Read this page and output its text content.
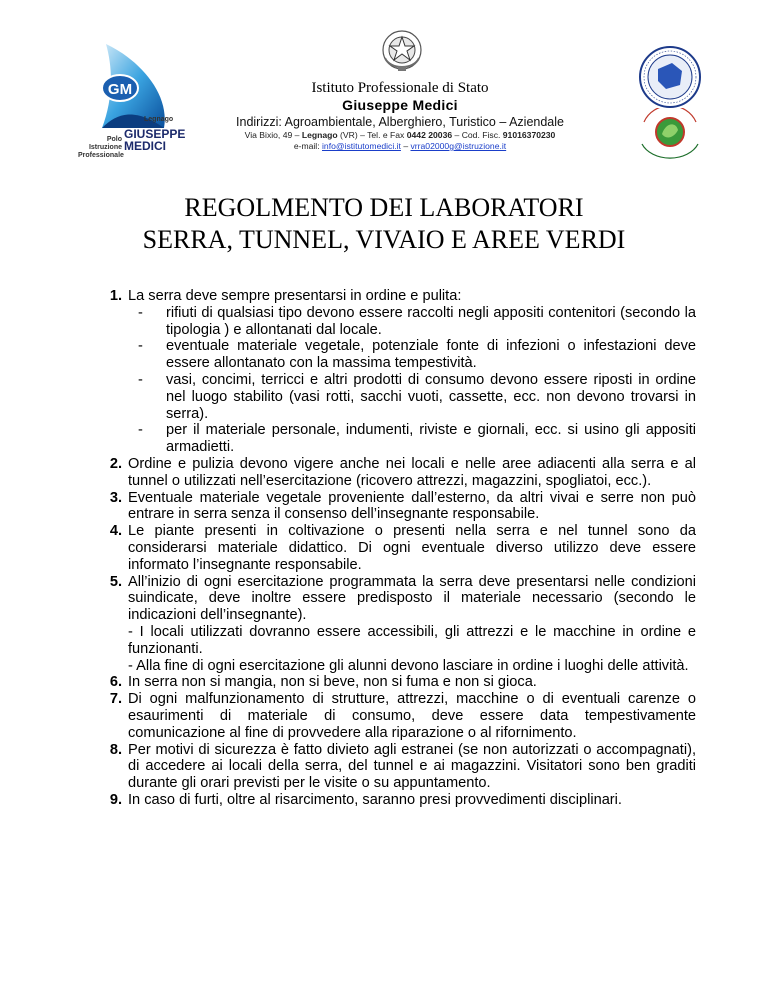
GM
Legnago
Polo
Istruzione
Professionale
GIUSEPPE
MEDICI
Istituto Professionale di Stato
Giuseppe Medici
Indirizzi: Agroambientale, Alberghiero, Turistico – Aziendale
Via Bixio, 49 – Legnago (VR) – Tel. e Fax 0442 20036 – Cod. Fisc. 91016370230
e-mail: info@istitutomedici.it – vrra02000g@istruzione.it
REGOLMENTO DEI LABORATORI
SERRA, TUNNEL, VIVAIO E AREE VERDI
1. La serra deve sempre presentarsi in ordine e pulita:
- rifiuti di qualsiasi tipo devono essere raccolti negli appositi contenitori (secondo la tipologia ) e allontanati dal locale.
- eventuale materiale vegetale, potenziale fonte di infezioni o infestazioni deve essere allontanato con la massima tempestività.
- vasi, concimi, terricci e altri prodotti di consumo devono essere riposti in ordine nel luogo stabilito (vasi rotti, sacchi vuoti, cassette, ecc. non devono trovarsi in serra).
- per il materiale personale, indumenti, riviste e giornali, ecc. si usino gli appositi armadietti.
2. Ordine e pulizia devono vigere anche nei locali e nelle aree adiacenti alla serra e al tunnel o utilizzati nell’esercitazione (ricovero attrezzi, magazzini, spogliatoi, ecc.).
3. Eventuale materiale vegetale proveniente dall’esterno, da altri vivai e serre non può entrare in serra senza il consenso dell’insegnante responsabile.
4. Le piante presenti in coltivazione o presenti nella serra e nel tunnel sono da considerarsi materiale didattico. Di ogni eventuale diverso utilizzo deve essere informato l’insegnante responsabile.
5. All’inizio di ogni esercitazione programmata la serra deve presentarsi nelle condizioni suindicate, deve inoltre essere predisposto il materiale necessario (secondo le indicazioni dell’insegnante).
- I locali utilizzati dovranno essere accessibili, gli attrezzi e le macchine in ordine e funzionanti.
- Alla fine di ogni esercitazione gli alunni devono lasciare in ordine i luoghi delle attività.
6. In serra non si mangia, non si beve, non si fuma e non si gioca.
7. Di ogni malfunzionamento di strutture, attrezzi, macchine o di eventuali carenze o esaurimenti di materiale di consumo, deve essere data tempestivamente comunicazione al fine di provvedere alla riparazione o al rifornimento.
8. Per motivi di sicurezza è fatto divieto agli estranei (se non autorizzati o accompagnati), di accedere ai locali della serra, del tunnel e ai magazzini. Visitatori sono ben graditi durante gli orari previsti per le visite o su appuntamento.
9. In caso di furti, oltre al risarcimento, saranno presi provvedimenti disciplinari.
